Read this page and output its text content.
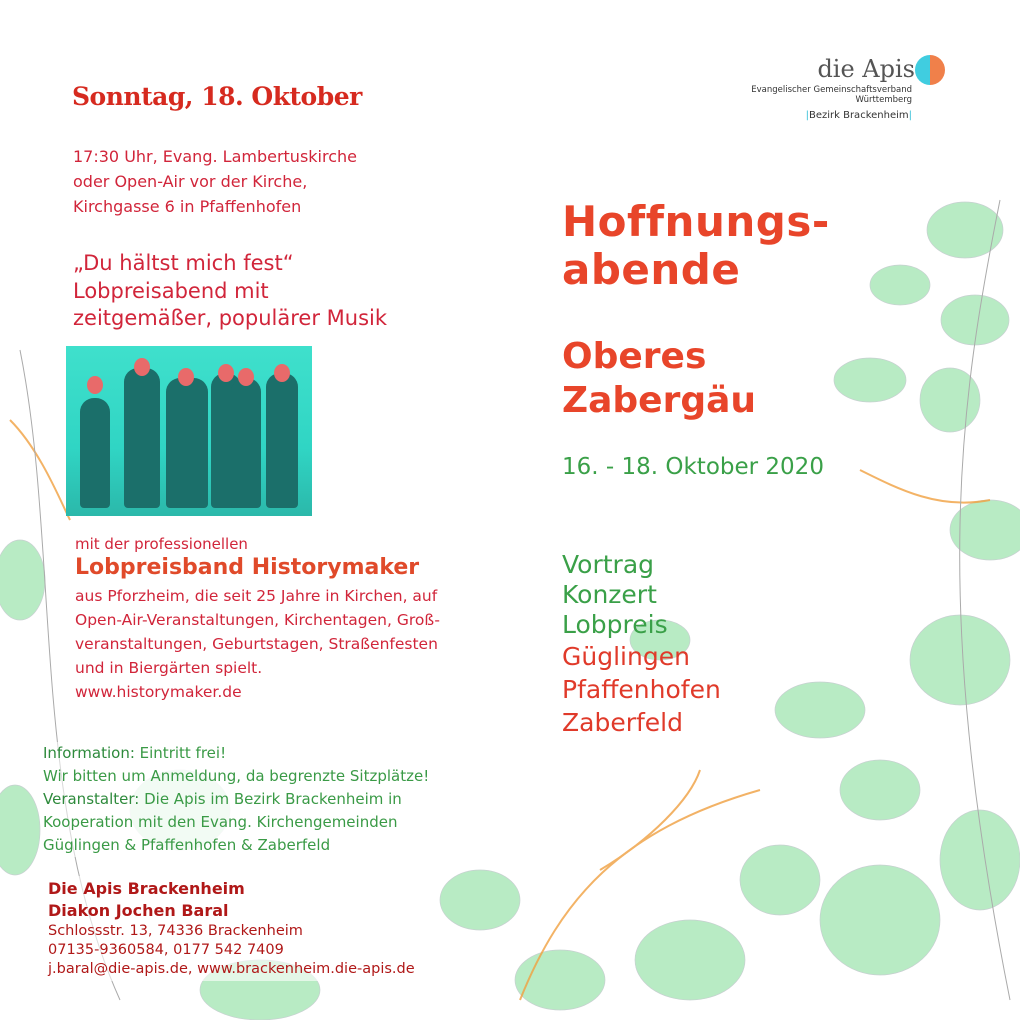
die Apis
Evangelischer Gemeinschaftsverband Württemberg
|Bezirk Brackenheim|
Sonntag, 18. Oktober
17:30 Uhr, Evang. Lambertuskirche
oder Open-Air vor der Kirche,
Kirchgasse 6 in Pfaffenhofen
„Du hältst mich fest“
Lobpreisabend mit
zeitgemäßer, populärer Musik
mit der professionellen
Lobpreisband Historymaker
aus Pforzheim, die seit 25 Jahre in Kirchen, auf
Open-Air-Veranstaltungen, Kirchentagen, Groß-
veranstaltungen, Geburtstagen, Straßenfesten
und in Biergärten spielt.
www.historymaker.de
Information: Eintritt frei!
Wir bitten um Anmeldung, da begrenzte Sitzplätze!
Veranstalter: Die Apis im Bezirk Brackenheim in
Kooperation mit den Evang. Kirchengemeinden
Güglingen & Pfaffenhofen & Zaberfeld
Die Apis Brackenheim
Diakon Jochen Baral
Schlossstr. 13, 74336 Brackenheim
07135-9360584, 0177 542 7409
j.baral@die-apis.de, www.brackenheim.die-apis.de
Hoffnungs-
abende
Oberes
Zabergäu
16. - 18. Oktober 2020
Vortrag
Konzert
Lobpreis
Güglingen
Pfaffenhofen
Zaberfeld
